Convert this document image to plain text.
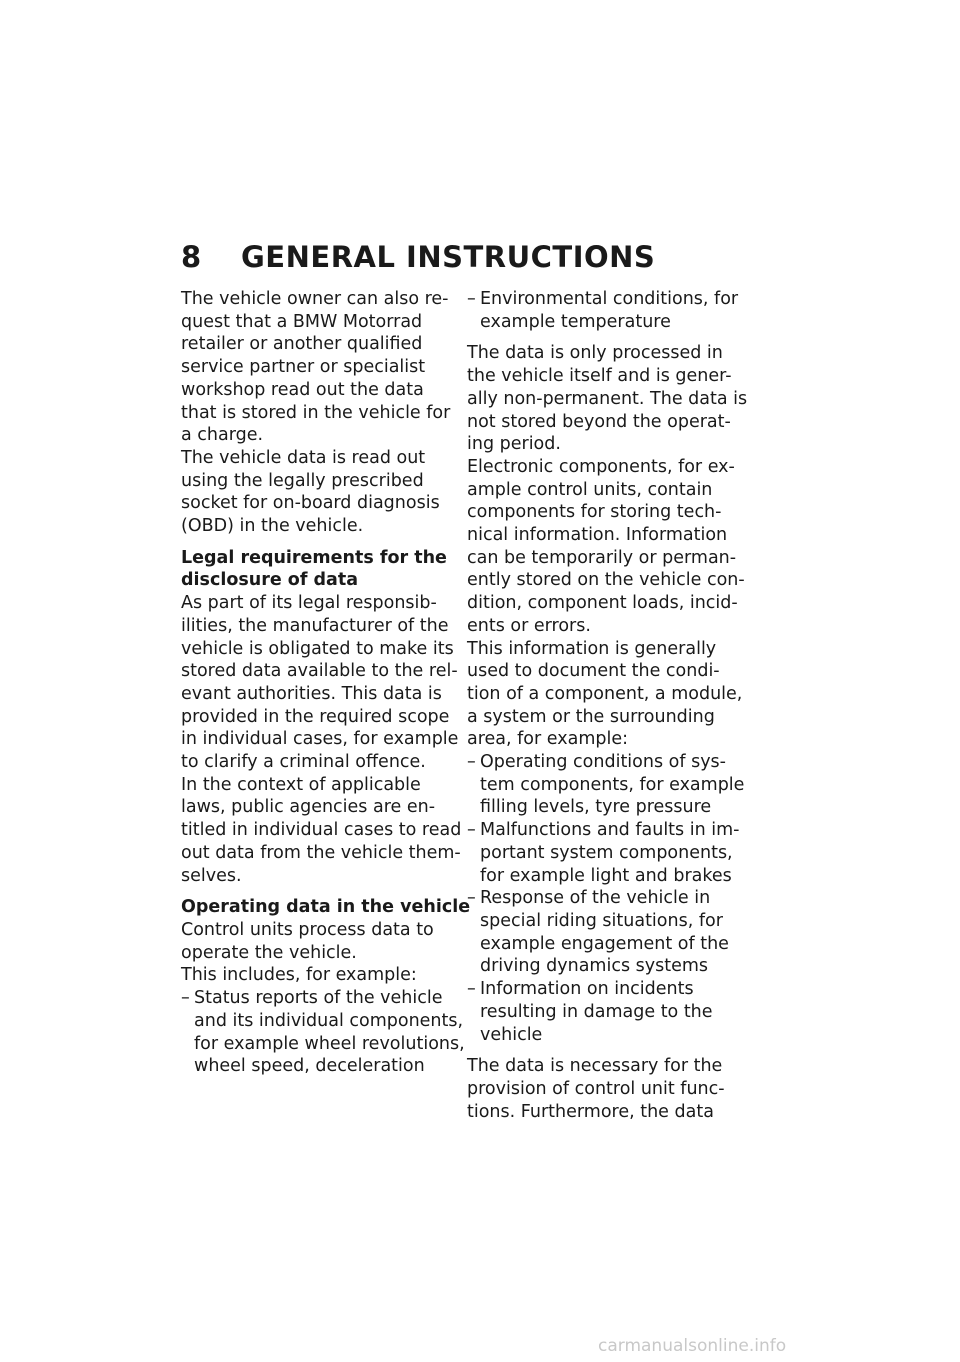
8 GENERAL INSTRUCTIONS
The vehicle owner can also re-
quest that a BMW Motorrad
retailer or another qualified
service partner or specialist
workshop read out the data
that is stored in the vehicle for
a charge.
The vehicle data is read out
using the legally prescribed
socket for on-board diagnosis
(OBD) in the vehicle.
Legal requirements for the
disclosure of data
As part of its legal responsib-
ilities, the manufacturer of the
vehicle is obligated to make its
stored data available to the rel-
evant authorities. This data is
provided in the required scope
in individual cases, for example
to clarify a criminal offence.
In the context of applicable
laws, public agencies are en-
titled in individual cases to read
out data from the vehicle them-
selves.
Operating data in the vehicle
Control units process data to
operate the vehicle.
This includes, for example:
– Status reports of the vehicle
and its individual components,
for example wheel revolutions,
wheel speed, deceleration
– Environmental conditions, for
example temperature
The data is only processed in
the vehicle itself and is gener-
ally non-permanent. The data is
not stored beyond the operat-
ing period.
Electronic components, for ex-
ample control units, contain
components for storing tech-
nical information. Information
can be temporarily or perman-
ently stored on the vehicle con-
dition, component loads, incid-
ents or errors.
This information is generally
used to document the condi-
tion of a component, a module,
a system or the surrounding
area, for example:
– Operating conditions of sys-
tem components, for example
filling levels, tyre pressure
– Malfunctions and faults in im-
portant system components,
for example light and brakes
– Response of the vehicle in
special riding situations, for
example engagement of the
driving dynamics systems
– Information on incidents
resulting in damage to the
vehicle
The data is necessary for the
provision of control unit func-
tions. Furthermore, the data
carmanualsonline.info
